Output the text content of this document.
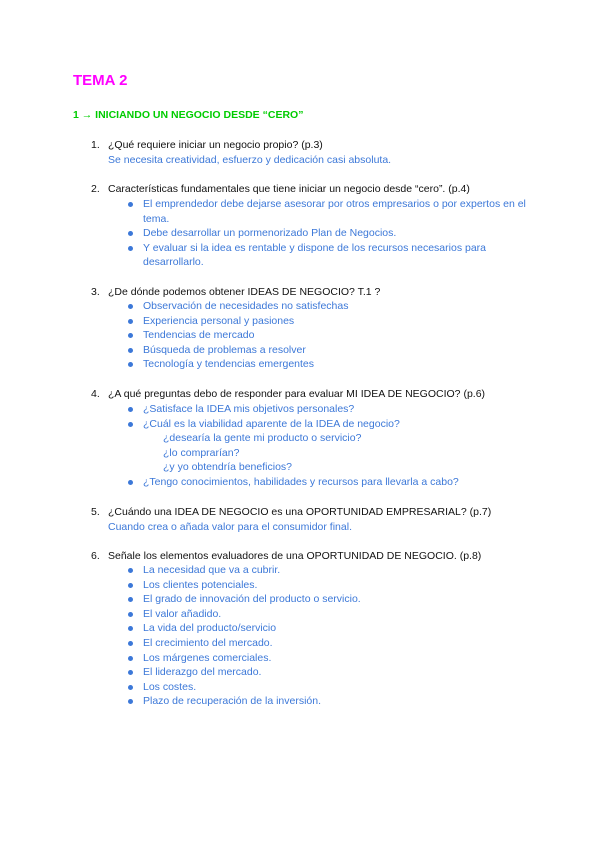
TEMA 2
1 → INICIANDO UN NEGOCIO DESDE “CERO”
1. ¿Qué requiere iniciar un negocio propio? (p.3)
Se necesita creatividad, esfuerzo y dedicación casi absoluta.
2. Características fundamentales que tiene iniciar un negocio desde “cero”. (p.4)
El emprendedor debe dejarse asesorar por otros empresarios o por expertos en el tema.
Debe desarrollar un pormenorizado Plan de Negocios.
Y evaluar si la idea es rentable y dispone de los recursos necesarios para desarrollarlo.
3. ¿De dónde podemos obtener IDEAS DE NEGOCIO? T.1 ?
Observación de necesidades no satisfechas
Experiencia personal y pasiones
Tendencias de mercado
Búsqueda de problemas a resolver
Tecnología y tendencias emergentes
4. ¿A qué preguntas debo de responder para evaluar MI IDEA DE NEGOCIO? (p.6)
¿Satisface la IDEA mis objetivos personales?
¿Cuál es la viabilidad aparente de la IDEA de negocio?
¿desearía la gente mi producto o servicio?
¿lo comprarían?
¿y yo obtendría beneficios?
¿Tengo conocimientos, habilidades y recursos para llevarla a cabo?
5. ¿Cuándo una IDEA DE NEGOCIO es una OPORTUNIDAD EMPRESARIAL? (p.7)
Cuando crea o añada valor para el consumidor final.
6. Señale los elementos evaluadores de una OPORTUNIDAD DE NEGOCIO. (p.8)
La necesidad que va a cubrir.
Los clientes potenciales.
El grado de innovación del producto o servicio.
El valor añadido.
La vida del producto/servicio
El crecimiento del mercado.
Los márgenes comerciales.
El liderazgo del mercado.
Los costes.
Plazo de recuperación de la inversión.
